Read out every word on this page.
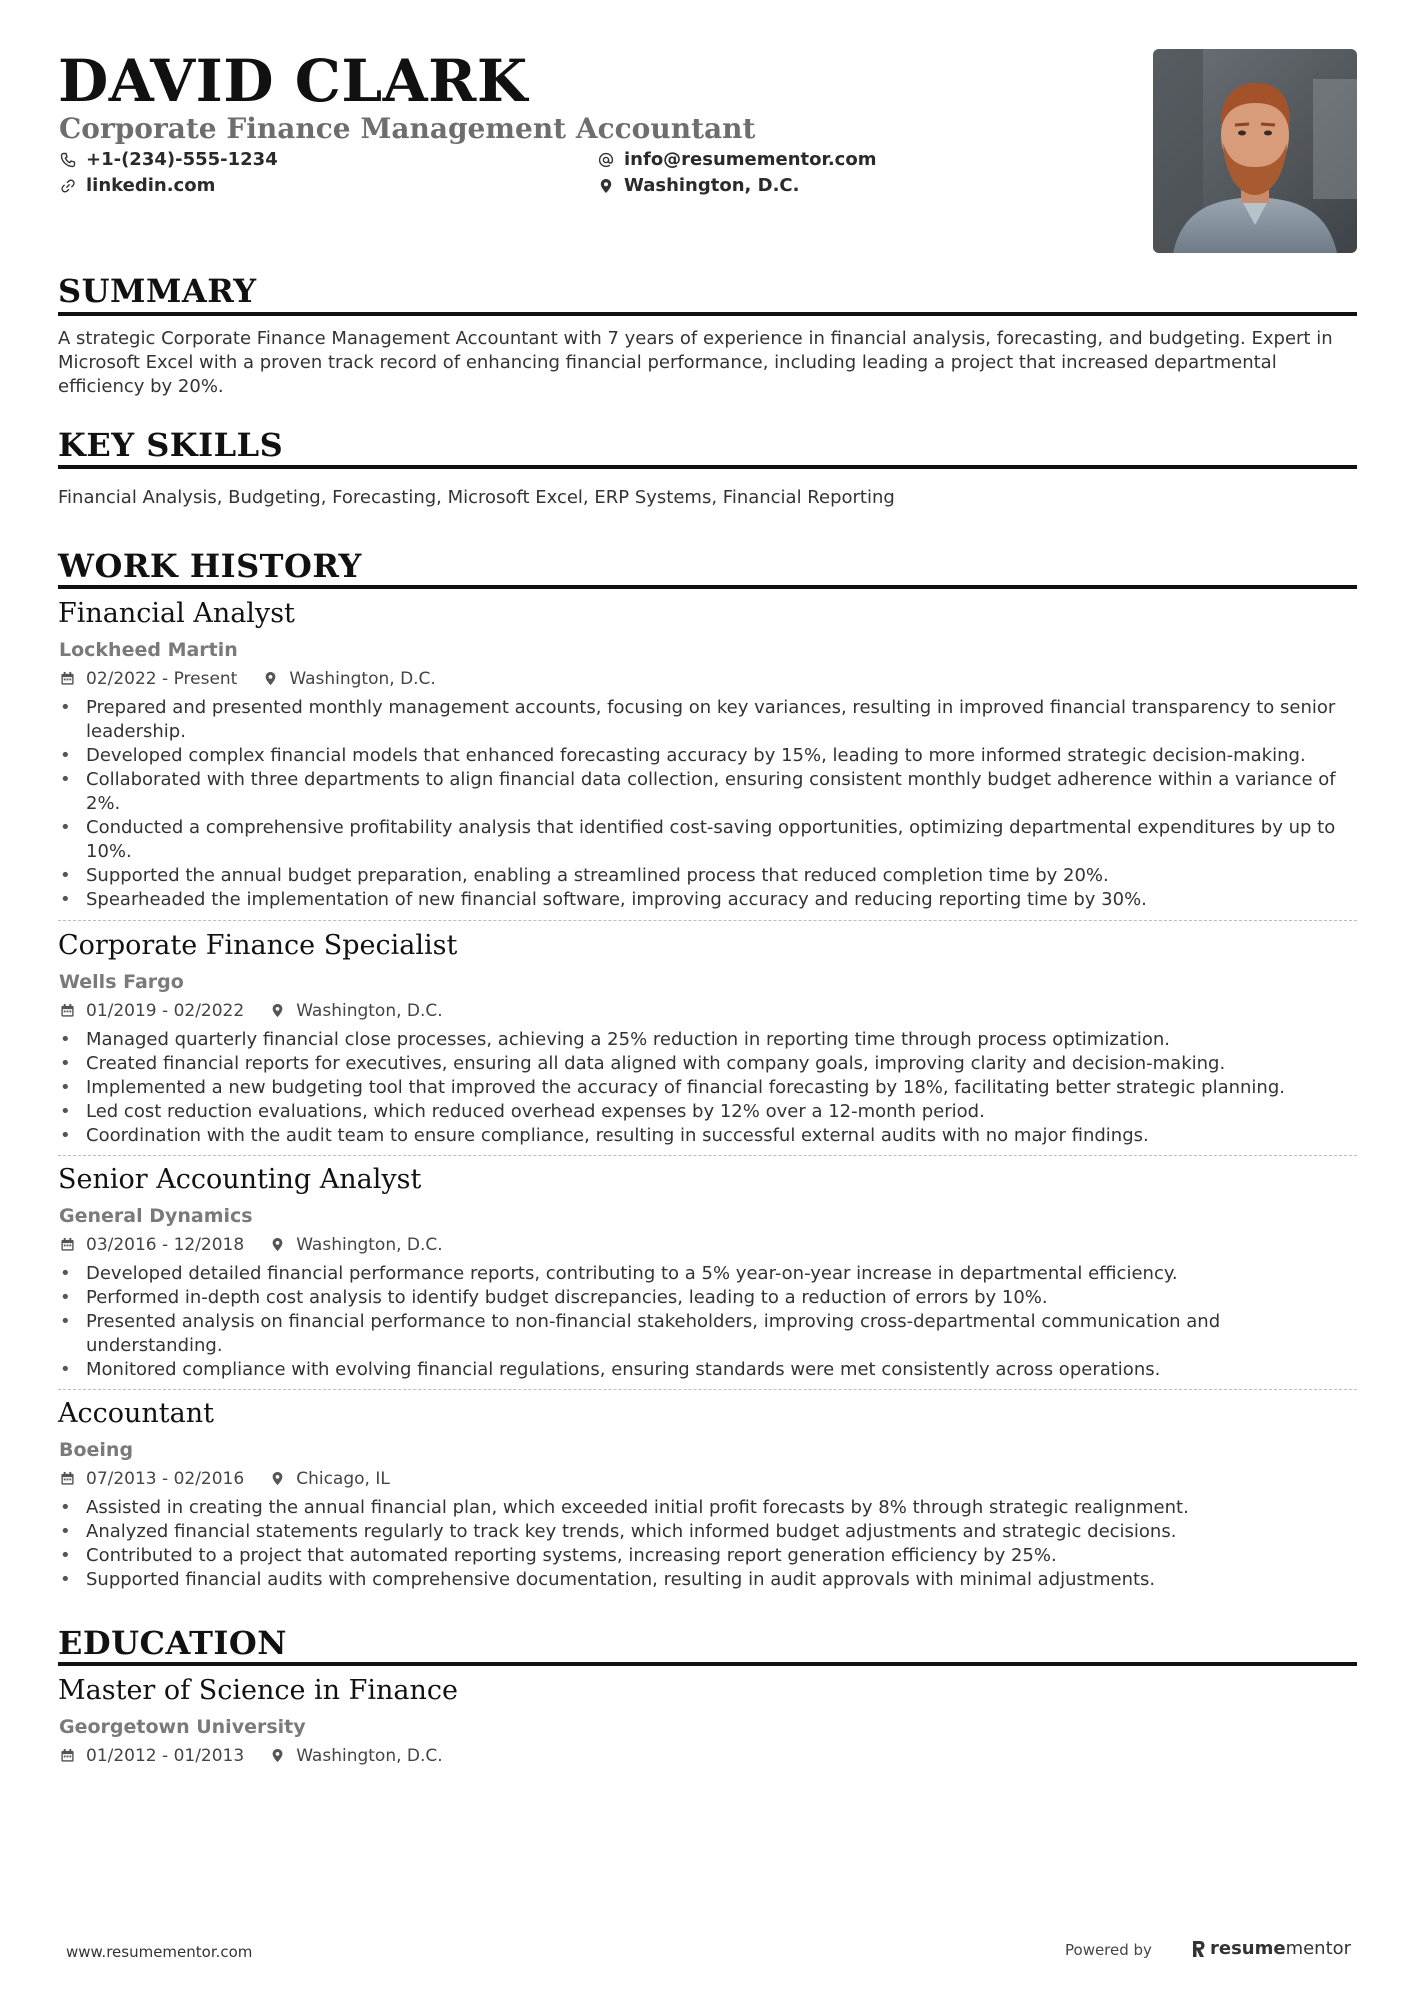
DAVID CLARK
Corporate Finance Management Accountant
+1-(234)-555-1234	info@resumementor.com
linkedin.com	Washington, D.C.
SUMMARY
A strategic Corporate Finance Management Accountant with 7 years of experience in financial analysis, forecasting, and budgeting. Expert in Microsoft Excel with a proven track record of enhancing financial performance, including leading a project that increased departmental efficiency by 20%.
KEY SKILLS
Financial Analysis, Budgeting, Forecasting, Microsoft Excel, ERP Systems, Financial Reporting
WORK HISTORY
Financial Analyst
Lockheed Martin
02/2022 - Present	Washington, D.C.
• Prepared and presented monthly management accounts, focusing on key variances, resulting in improved financial transparency to senior leadership.
• Developed complex financial models that enhanced forecasting accuracy by 15%, leading to more informed strategic decision-making.
• Collaborated with three departments to align financial data collection, ensuring consistent monthly budget adherence within a variance of 2%.
• Conducted a comprehensive profitability analysis that identified cost-saving opportunities, optimizing departmental expenditures by up to 10%.
• Supported the annual budget preparation, enabling a streamlined process that reduced completion time by 20%.
• Spearheaded the implementation of new financial software, improving accuracy and reducing reporting time by 30%.
Corporate Finance Specialist
Wells Fargo
01/2019 - 02/2022	Washington, D.C.
• Managed quarterly financial close processes, achieving a 25% reduction in reporting time through process optimization.
• Created financial reports for executives, ensuring all data aligned with company goals, improving clarity and decision-making.
• Implemented a new budgeting tool that improved the accuracy of financial forecasting by 18%, facilitating better strategic planning.
• Led cost reduction evaluations, which reduced overhead expenses by 12% over a 12-month period.
• Coordination with the audit team to ensure compliance, resulting in successful external audits with no major findings.
Senior Accounting Analyst
General Dynamics
03/2016 - 12/2018	Washington, D.C.
• Developed detailed financial performance reports, contributing to a 5% year-on-year increase in departmental efficiency.
• Performed in-depth cost analysis to identify budget discrepancies, leading to a reduction of errors by 10%.
• Presented analysis on financial performance to non-financial stakeholders, improving cross-departmental communication and understanding.
• Monitored compliance with evolving financial regulations, ensuring standards were met consistently across operations.
Accountant
Boeing
07/2013 - 02/2016	Chicago, IL
• Assisted in creating the annual financial plan, which exceeded initial profit forecasts by 8% through strategic realignment.
• Analyzed financial statements regularly to track key trends, which informed budget adjustments and strategic decisions.
• Contributed to a project that automated reporting systems, increasing report generation efficiency by 25%.
• Supported financial audits with comprehensive documentation, resulting in audit approvals with minimal adjustments.
EDUCATION
Master of Science in Finance
Georgetown University
01/2012 - 01/2013	Washington, D.C.
www.resumementor.com	Powered by	resume mentor
